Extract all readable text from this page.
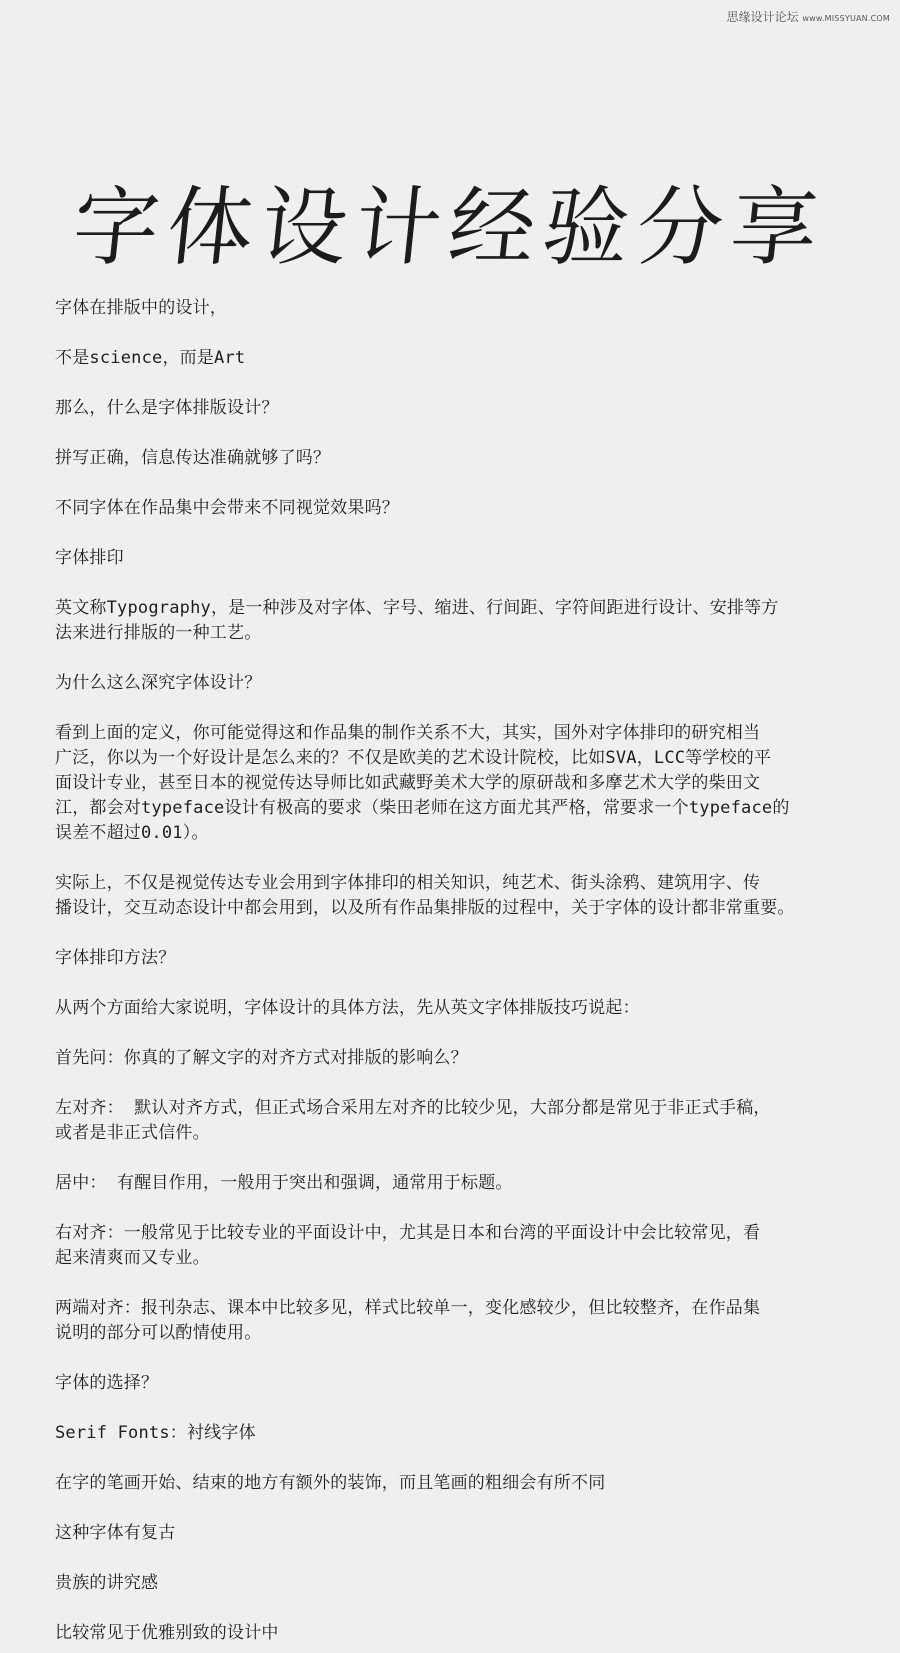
思缘设计论坛 www.MISSYUAN.COM
字体设计经验分享

字体在排版中的设计，

不是science，而是Art

那么，什么是字体排版设计？

拼写正确，信息传达准确就够了吗？

不同字体在作品集中会带来不同视觉效果吗？

字体排印

英文称Typography，是一种涉及对字体、字号、缩进、行间距、字符间距进行设计、安排等方
法来进行排版的一种工艺。

为什么这么深究字体设计？

看到上面的定义，你可能觉得这和作品集的制作关系不大，其实，国外对字体排印的研究相当
广泛，你以为一个好设计是怎么来的？不仅是欧美的艺术设计院校，比如SVA，LCC等学校的平
面设计专业，甚至日本的视觉传达导师比如武藏野美术大学的原研哉和多摩艺术大学的柴田文
江，都会对typeface设计有极高的要求（柴田老师在这方面尤其严格，常要求一个typeface的
误差不超过0.01）。

实际上，不仅是视觉传达专业会用到字体排印的相关知识，纯艺术、街头涂鸦、建筑用字、传
播设计，交互动态设计中都会用到，以及所有作品集排版的过程中，关于字体的设计都非常重要。

字体排印方法？

从两个方面给大家说明，字体设计的具体方法，先从英文字体排版技巧说起：

首先问：你真的了解文字的对齐方式对排版的影响么？

左对齐： 默认对齐方式，但正式场合采用左对齐的比较少见，大部分都是常见于非正式手稿，
或者是非正式信件。

居中： 有醒目作用，一般用于突出和强调，通常用于标题。

右对齐：一般常见于比较专业的平面设计中，尤其是日本和台湾的平面设计中会比较常见，看
起来清爽而又专业。

两端对齐：报刊杂志、课本中比较多见，样式比较单一，变化感较少，但比较整齐，在作品集
说明的部分可以酌情使用。

字体的选择？

Serif Fonts：衬线字体

在字的笔画开始、结束的地方有额外的装饰，而且笔画的粗细会有所不同

这种字体有复古

贵族的讲究感

比较常见于优雅别致的设计中
